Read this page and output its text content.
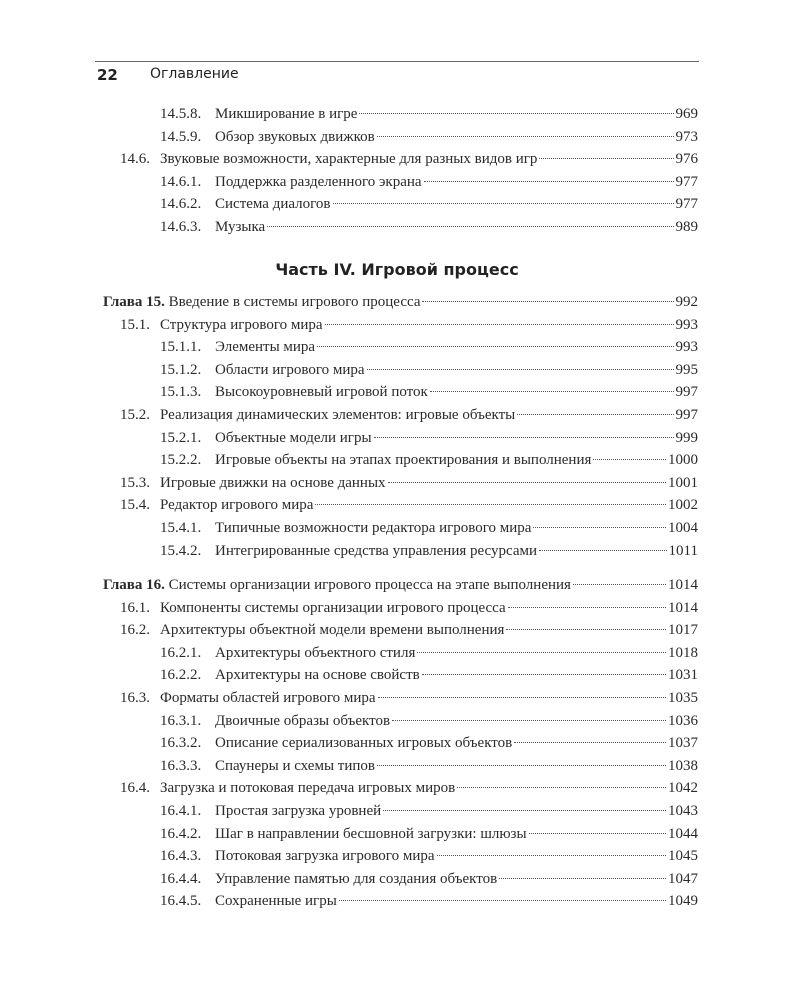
22 Оглавление
14.5.8. Микширование в игре	969
14.5.9. Обзор звуковых движков	973
14.6. Звуковые возможности, характерные для разных видов игр	976
14.6.1. Поддержка разделенного экрана	977
14.6.2. Система диалогов	977
14.6.3. Музыка	989
Часть IV. Игровой процесс
Глава 15. Введение в системы игрового процесса	992
15.1. Структура игрового мира	993
15.1.1. Элементы мира	993
15.1.2. Области игрового мира	995
15.1.3. Высокоуровневый игровой поток	997
15.2. Реализация динамических элементов: игровые объекты	997
15.2.1. Объектные модели игры	999
15.2.2. Игровые объекты на этапах проектирования и выполнения	1000
15.3. Игровые движки на основе данных	1001
15.4. Редактор игрового мира	1002
15.4.1. Типичные возможности редактора игрового мира	1004
15.4.2. Интегрированные средства управления ресурсами	1011
Глава 16. Системы организации игрового процесса на этапе выполнения	1014
16.1. Компоненты системы организации игрового процесса	1014
16.2. Архитектуры объектной модели времени выполнения	1017
16.2.1. Архитектуры объектного стиля	1018
16.2.2. Архитектуры на основе свойств	1031
16.3. Форматы областей игрового мира	1035
16.3.1. Двоичные образы объектов	1036
16.3.2. Описание сериализованных игровых объектов	1037
16.3.3. Спаунеры и схемы типов	1038
16.4. Загрузка и потоковая передача игровых миров	1042
16.4.1. Простая загрузка уровней	1043
16.4.2. Шаг в направлении бесшовной загрузки: шлюзы	1044
16.4.3. Потоковая загрузка игрового мира	1045
16.4.4. Управление памятью для создания объектов	1047
16.4.5. Сохраненные игры	1049
